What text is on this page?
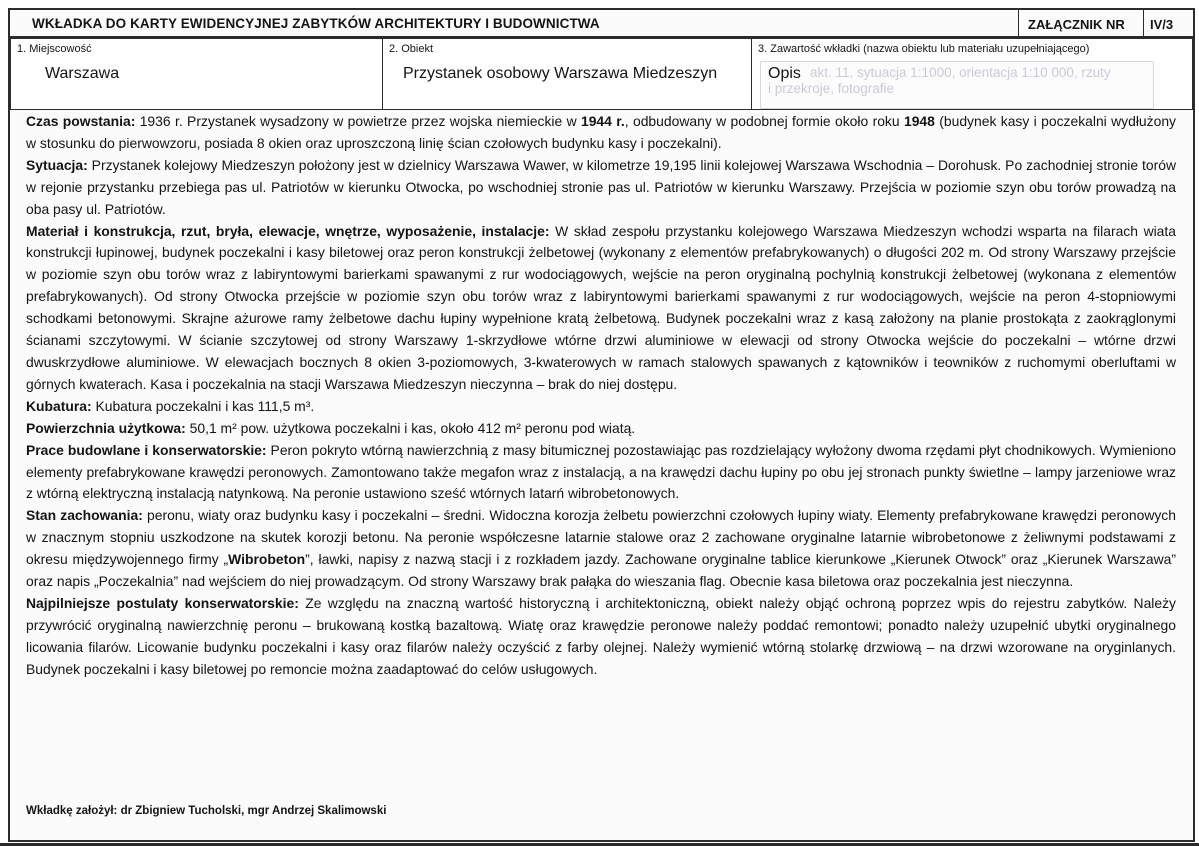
WKŁADKA DO KARTY EWIDENCYJNEJ ZABYTKÓW ARCHITEKTURY I BUDOWNICTWA	ZAŁĄCZNIK NR IV/3
1. Miejscowość
Warszawa
2. Obiekt
Przystanek osobowy Warszawa Miedzeszyn
3. Zawartość wkładki (nazwa obiektu lub materiału uzupełniającego)
akt. 11, sytuacja 1:1000, orientacja 1:10 000, rzuty
i przekroje, fotografie
Opis

Czas powstania: 1936 r. Przystanek wysadzony w powietrze przez wojska niemieckie w 1944 r., odbudowany w podobnej formie około roku 1948 (budynek kasy i poczekalni wydłużony w stosunku do pierwowzoru, posiada 8 okien oraz uproszczoną linię ścian czołowych budynku kasy i poczekalni).

Sytuacja: Przystanek kolejowy Miedzeszyn położony jest w dzielnicy Warszawa Wawer, w kilometrze 19,195 linii kolejowej Warszawa Wschodnia – Dorohusk. Po zachodniej stronie torów w rejonie przystanku przebiega pas ul. Patriotów w kierunku Otwocka, po wschodniej stronie pas ul. Patriotów w kierunku Warszawy. Przejścia w poziomie szyn obu torów prowadzą na oba pasy ul. Patriotów.

Materiał i konstrukcja, rzut, bryła, elewacje, wnętrze, wyposażenie, instalacje: W skład zespołu przystanku kolejowego Warszawa Miedzeszyn wchodzi wsparta na filarach wiata konstrukcji łupinowej, budynek poczekalni i kasy biletowej oraz peron konstrukcji żelbetowej (wykonany z elementów prefabrykowanych) o długości 202 m. Od strony Warszawy przejście w poziomie szyn obu torów wraz z labiryntowymi barierkami spawanymi z rur wodociągowych, wejście na peron oryginalną pochylnią konstrukcji żelbetowej (wykonana z elementów prefabrykowanych). Od strony Otwocka przejście w poziomie szyn obu torów wraz z labiryntowymi barierkami spawanymi z rur wodociągowych, wejście na peron 4-stopniowymi schodkami betonowymi. Skrajne ażurowe ramy żelbetowe dachu łupiny wypełnione kratą żelbetową. Budynek poczekalni wraz z kasą założony na planie prostokąta z zaokrąglonymi ścianami szczytowymi. W ścianie szczytowej od strony Warszawy 1-skrzydłowe wtórne drzwi aluminiowe w elewacji od strony Otwocka wejście do poczekalni – wtórne drzwi dwuskrzydłowe aluminiowe. W elewacjach bocznych 8 okien 3-poziomowych, 3-kwaterowych w ramach stalowych spawanych z kątowników i teowników z ruchomymi oberluftami w górnych kwaterach. Kasa i poczekalnia na stacji Warszawa Miedzeszyn nieczynna – brak do niej dostępu.

Kubatura: Kubatura poczekalni i kas 111,5 m³.

Powierzchnia użytkowa: 50,1 m² pow. użytkowa poczekalni i kas, około 412 m² peronu pod wiatą.

Prace budowlane i konserwatorskie: Peron pokryto wtórną nawierzchnią z masy bitumicznej pozostawiając pas rozdzielający wyłożony dwoma rzędami płyt chodnikowych. Wymieniono elementy prefabrykowane krawędzi peronowych. Zamontowano także megafon wraz z instalacją, a na krawędzi dachu łupiny po obu jej stronach punkty świetlne – lampy jarzeniowe wraz z wtórną elektryczną instalacją natynkową. Na peronie ustawiono sześć wtórnych latarń wibrobetonowych.

Stan zachowania: peronu, wiaty oraz budynku kasy i poczekalni – średni. Widoczna korozja żelbetu powierzchni czołowych łupiny wiaty. Elementy prefabrykowane krawędzi peronowych w znacznym stopniu uszkodzone na skutek korozji betonu. Na peronie współczesne latarnie stalowe oraz 2 zachowane oryginalne latarnie wibrobetonowe z żeliwnymi podstawami z okresu międzywojennego firmy „Wibrobeton”, ławki, napisy z nazwą stacji i z rozkładem jazdy. Zachowane oryginalne tablice kierunkowe „Kierunek Otwock” oraz „Kierunek Warszawa” oraz napis „Poczekalnia” nad wejściem do niej prowadzącym. Od strony Warszawy brak pałąka do wieszania flag. Obecnie kasa biletowa oraz poczekalnia jest nieczynna.

Najpilniejsze postulaty konserwatorskie: Ze względu na znaczną wartość historyczną i architektoniczną, obiekt należy objąć ochroną poprzez wpis do rejestru zabytków. Należy przywrócić oryginalną nawierzchnię peronu – brukowaną kostką bazaltową. Wiatę oraz krawędzie peronowe należy poddać remontowi; ponadto należy uzupełnić ubytki oryginalnego licowania filarów. Licowanie budynku poczekalni i kasy oraz filarów należy oczyścić z farby olejnej. Należy wymienić wtórną stolarkę drzwiową – na drzwi wzorowane na oryginlanych. Budynek poczekalni i kasy biletowej po remoncie można zaadaptować do celów usługowych.

Wkładkę założył: dr Zbigniew Tucholski, mgr Andrzej Skalimowski
